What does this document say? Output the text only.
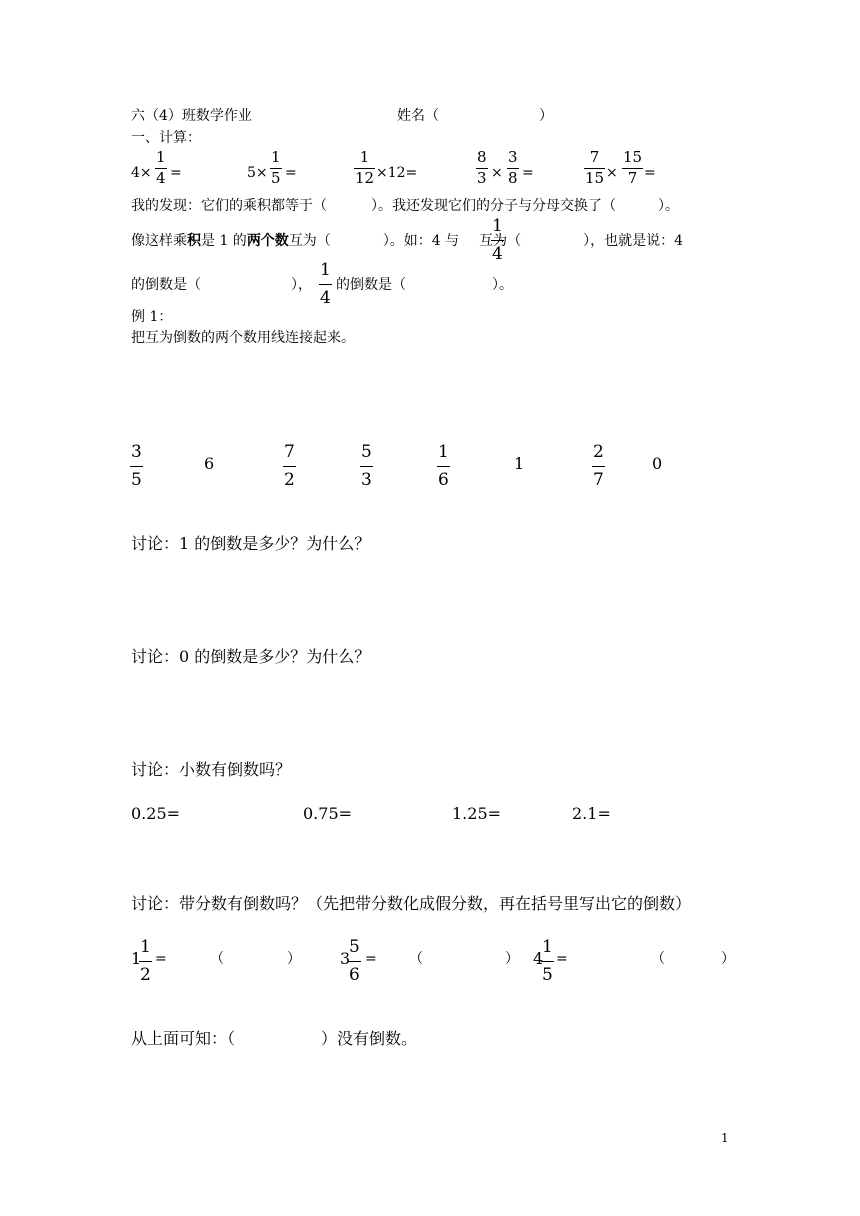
六（4）班数学作业	姓名（	）
一、计算：
4×
1
4 =	5×
1
5 =
1
12 ×12=
8
3 ×
3
8 =
7
15 ×
15
7 =
我的发现：它们的乘积都等于（	）。我还发现它们的分子与分母交换了（	）。
像这样乘积是 1 的两个数互为（	）。如：4 与 互为（	），也就是说：4
1
4
的倒数是（	）， 的倒数是（	）。
1
4
例 1：
把互为倒数的两个数用线连接起来。
3
5
6
7
2
5
3
1
6
1
2
7
0
讨论：1 的倒数是多少？为什么？
讨论：0 的倒数是多少？为什么？
讨论：小数有倒数吗？
0.25=	0.75=	1.25=	2.1=
讨论：带分数有倒数吗？（先把带分数化成假分数，再在括号里写出它的倒数）
1
1
2
=	（	） 3
5
6
= （	） 4
1
5
=	（	）
从上面可知：（	）没有倒数。
1
